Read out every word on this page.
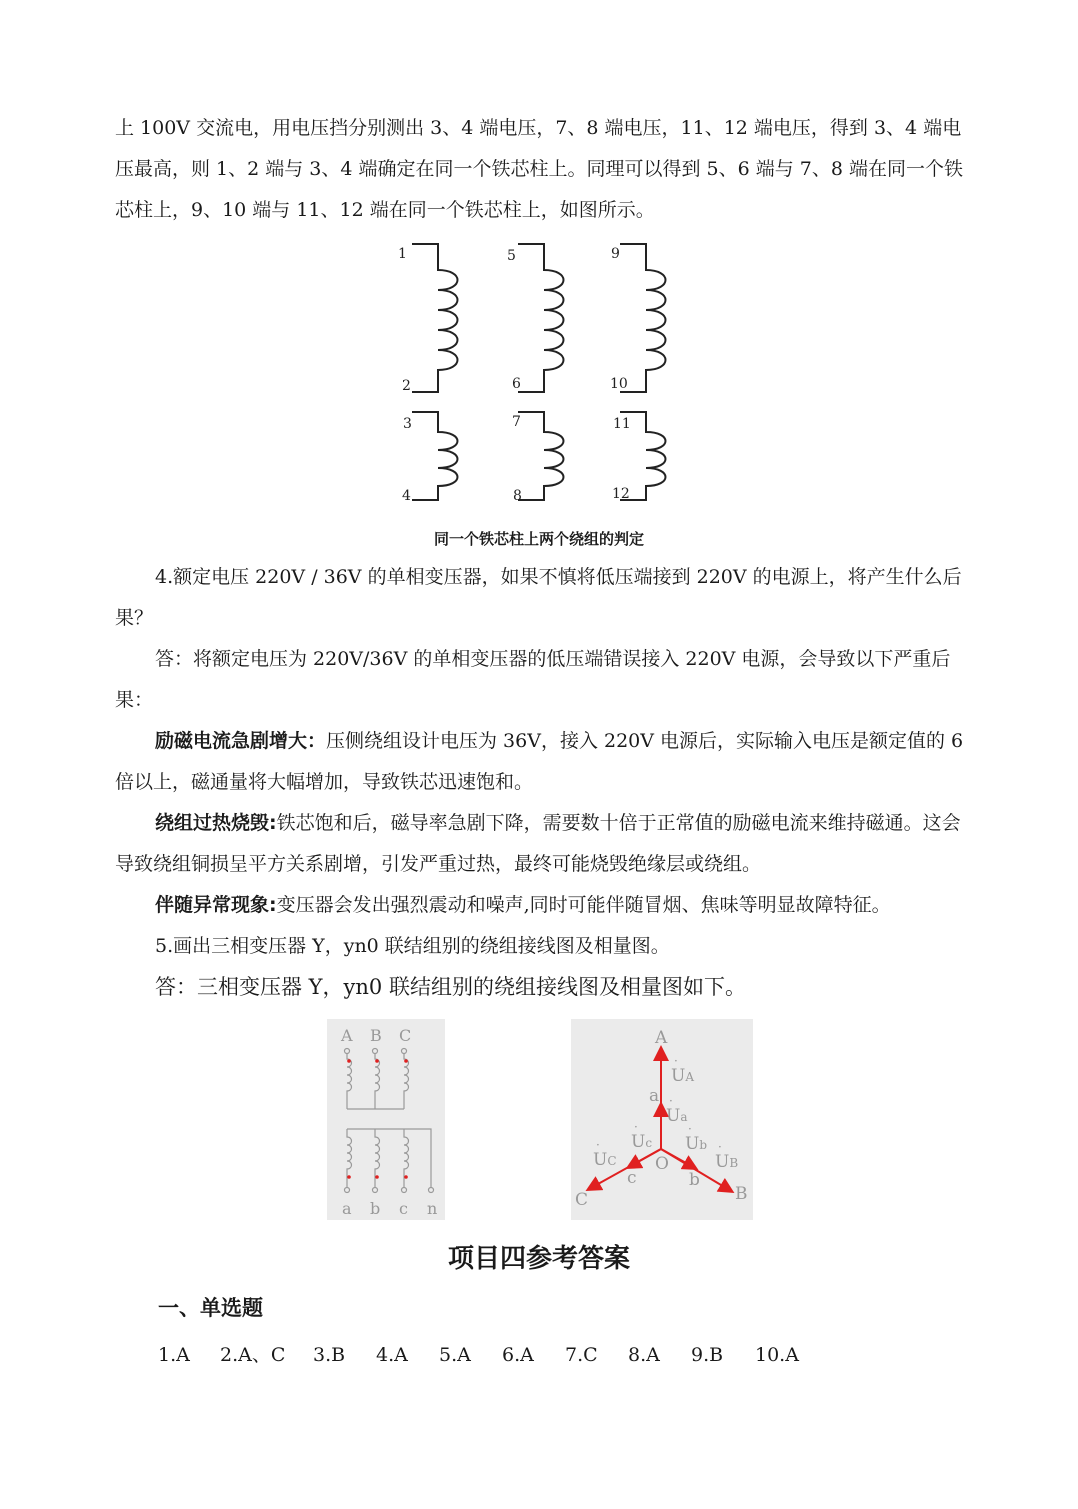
上 100V 交流电，用电压挡分别测出 3、4 端电压，7、8 端电压，11、12 端电压，得到 3、4 端电压最高，则 1、2 端与 3、4 端确定在同一个铁芯柱上。同理可以得到 5、6 端与 7、8 端在同一个铁芯柱上，9、10 端与 11、12 端在同一个铁芯柱上，如图所示。

1
2
5
6
9
10
3
4
7
8
11
12
同一个铁芯柱上两个绕组的判定

4.额定电压 220V / 36V 的单相变压器，如果不慎将低压端接到 220V 的电源上，将产生什么后果？

答：将额定电压为 220V/36V 的单相变压器的低压端错误接入 220V 电源，会导致以下严重后果：

励磁电流急剧增大：压侧绕组设计电压为 36V，接入 220V 电源后，实际输入电压是额定值的 6 倍以上，磁通量将大幅增加，导致铁芯迅速饱和。

绕组过热烧毁:铁芯饱和后，磁导率急剧下降，需要数十倍于正常值的励磁电流来维持磁通。这会导致绕组铜损呈平方关系剧增，引发严重过热，最终可能烧毁绝缘层或绕组。

伴随异常现象:变压器会发出强烈震动和噪声,同时可能伴随冒烟、焦味等明显故障特征。

5.画出三相变压器 Y，yn0 联结组别的绕组接线图及相量图。

答：三相变压器 Y，yn0 联结组别的绕组接线图及相量图如下。

A B C
a b c n
A
B
C
O
a
b
c
UA
Ua
Uc Ub
UC	UB
·
·
·	·
·	·
项目四参考答案
一、单选题
1.A	2.A、C	3.B	4.A	5.A	6.A	7.C	8.A	9.B	10.A
